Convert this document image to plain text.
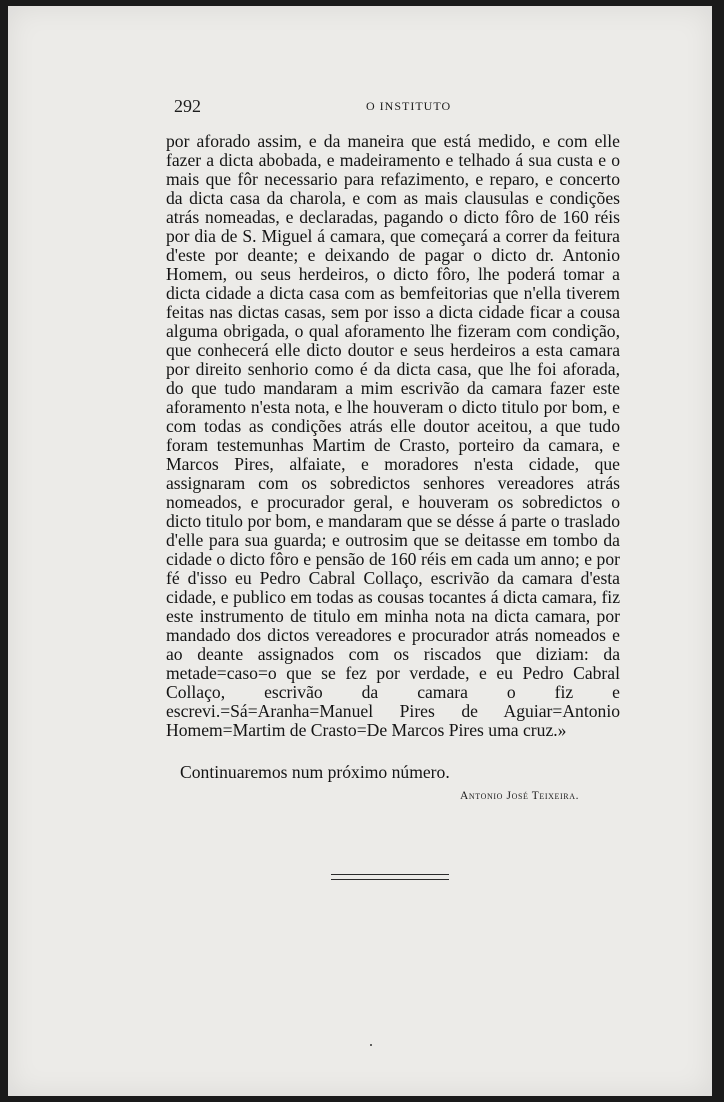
292	O INSTITUTO

por aforado assim, e da maneira que está medido, e com elle fazer a dicta abobada, e madeiramento e telhado á sua custa e o mais que fôr necessario para refazimento, e reparo, e concerto da dicta casa da charola, e com as mais clausulas e condições atrás nomeadas, e declaradas, pagando o dicto fôro de 160 réis por dia de S. Miguel á camara, que começará a correr da feitura d'este por deante; e deixando de pagar o dicto dr. Antonio Homem, ou seus herdeiros, o dicto fôro, lhe poderá tomar a dicta cidade a dicta casa com as bemfeitorias que n'ella tiverem feitas nas dictas casas, sem por isso a dicta cidade ficar a cousa alguma obrigada, o qual aforamento lhe fizeram com condição, que conhecerá elle dicto doutor e seus herdeiros a esta camara por direito senhorio como é da dicta casa, que lhe foi aforada, do que tudo mandaram a mim escrivão da camara fazer este aforamento n'esta nota, e lhe houveram o dicto titulo por bom, e com todas as condições atrás elle doutor aceitou, a que tudo foram testemunhas Martim de Crasto, porteiro da camara, e Marcos Pires, alfaiate, e moradores n'esta cidade, que assignaram com os sobredictos senhores vereadores atrás nomeados, e procurador geral, e houveram os sobredictos o dicto titulo por bom, e mandaram que se désse á parte o traslado d'elle para sua guarda; e outrosim que se deitasse em tombo da cidade o dicto fôro e pensão de 160 réis em cada um anno; e por fé d'isso eu Pedro Cabral Collaço, escrivão da camara d'esta cidade, e publico em todas as cousas tocantes á dicta camara, fiz este instrumento de titulo em minha nota na dicta camara, por mandado dos dictos vereadores e procurador atrás nomeados e ao deante assignados com os riscados que diziam: da metade=caso=o que se fez por verdade, e eu Pedro Cabral Collaço, escrivão da camara o fiz e escrevi.=Sá=Aranha=Manuel Pires de Aguiar=Antonio Homem=Martim de Crasto=De Marcos Pires uma cruz.»

Continuaremos num próximo número.
Antonio José Teixeira.
